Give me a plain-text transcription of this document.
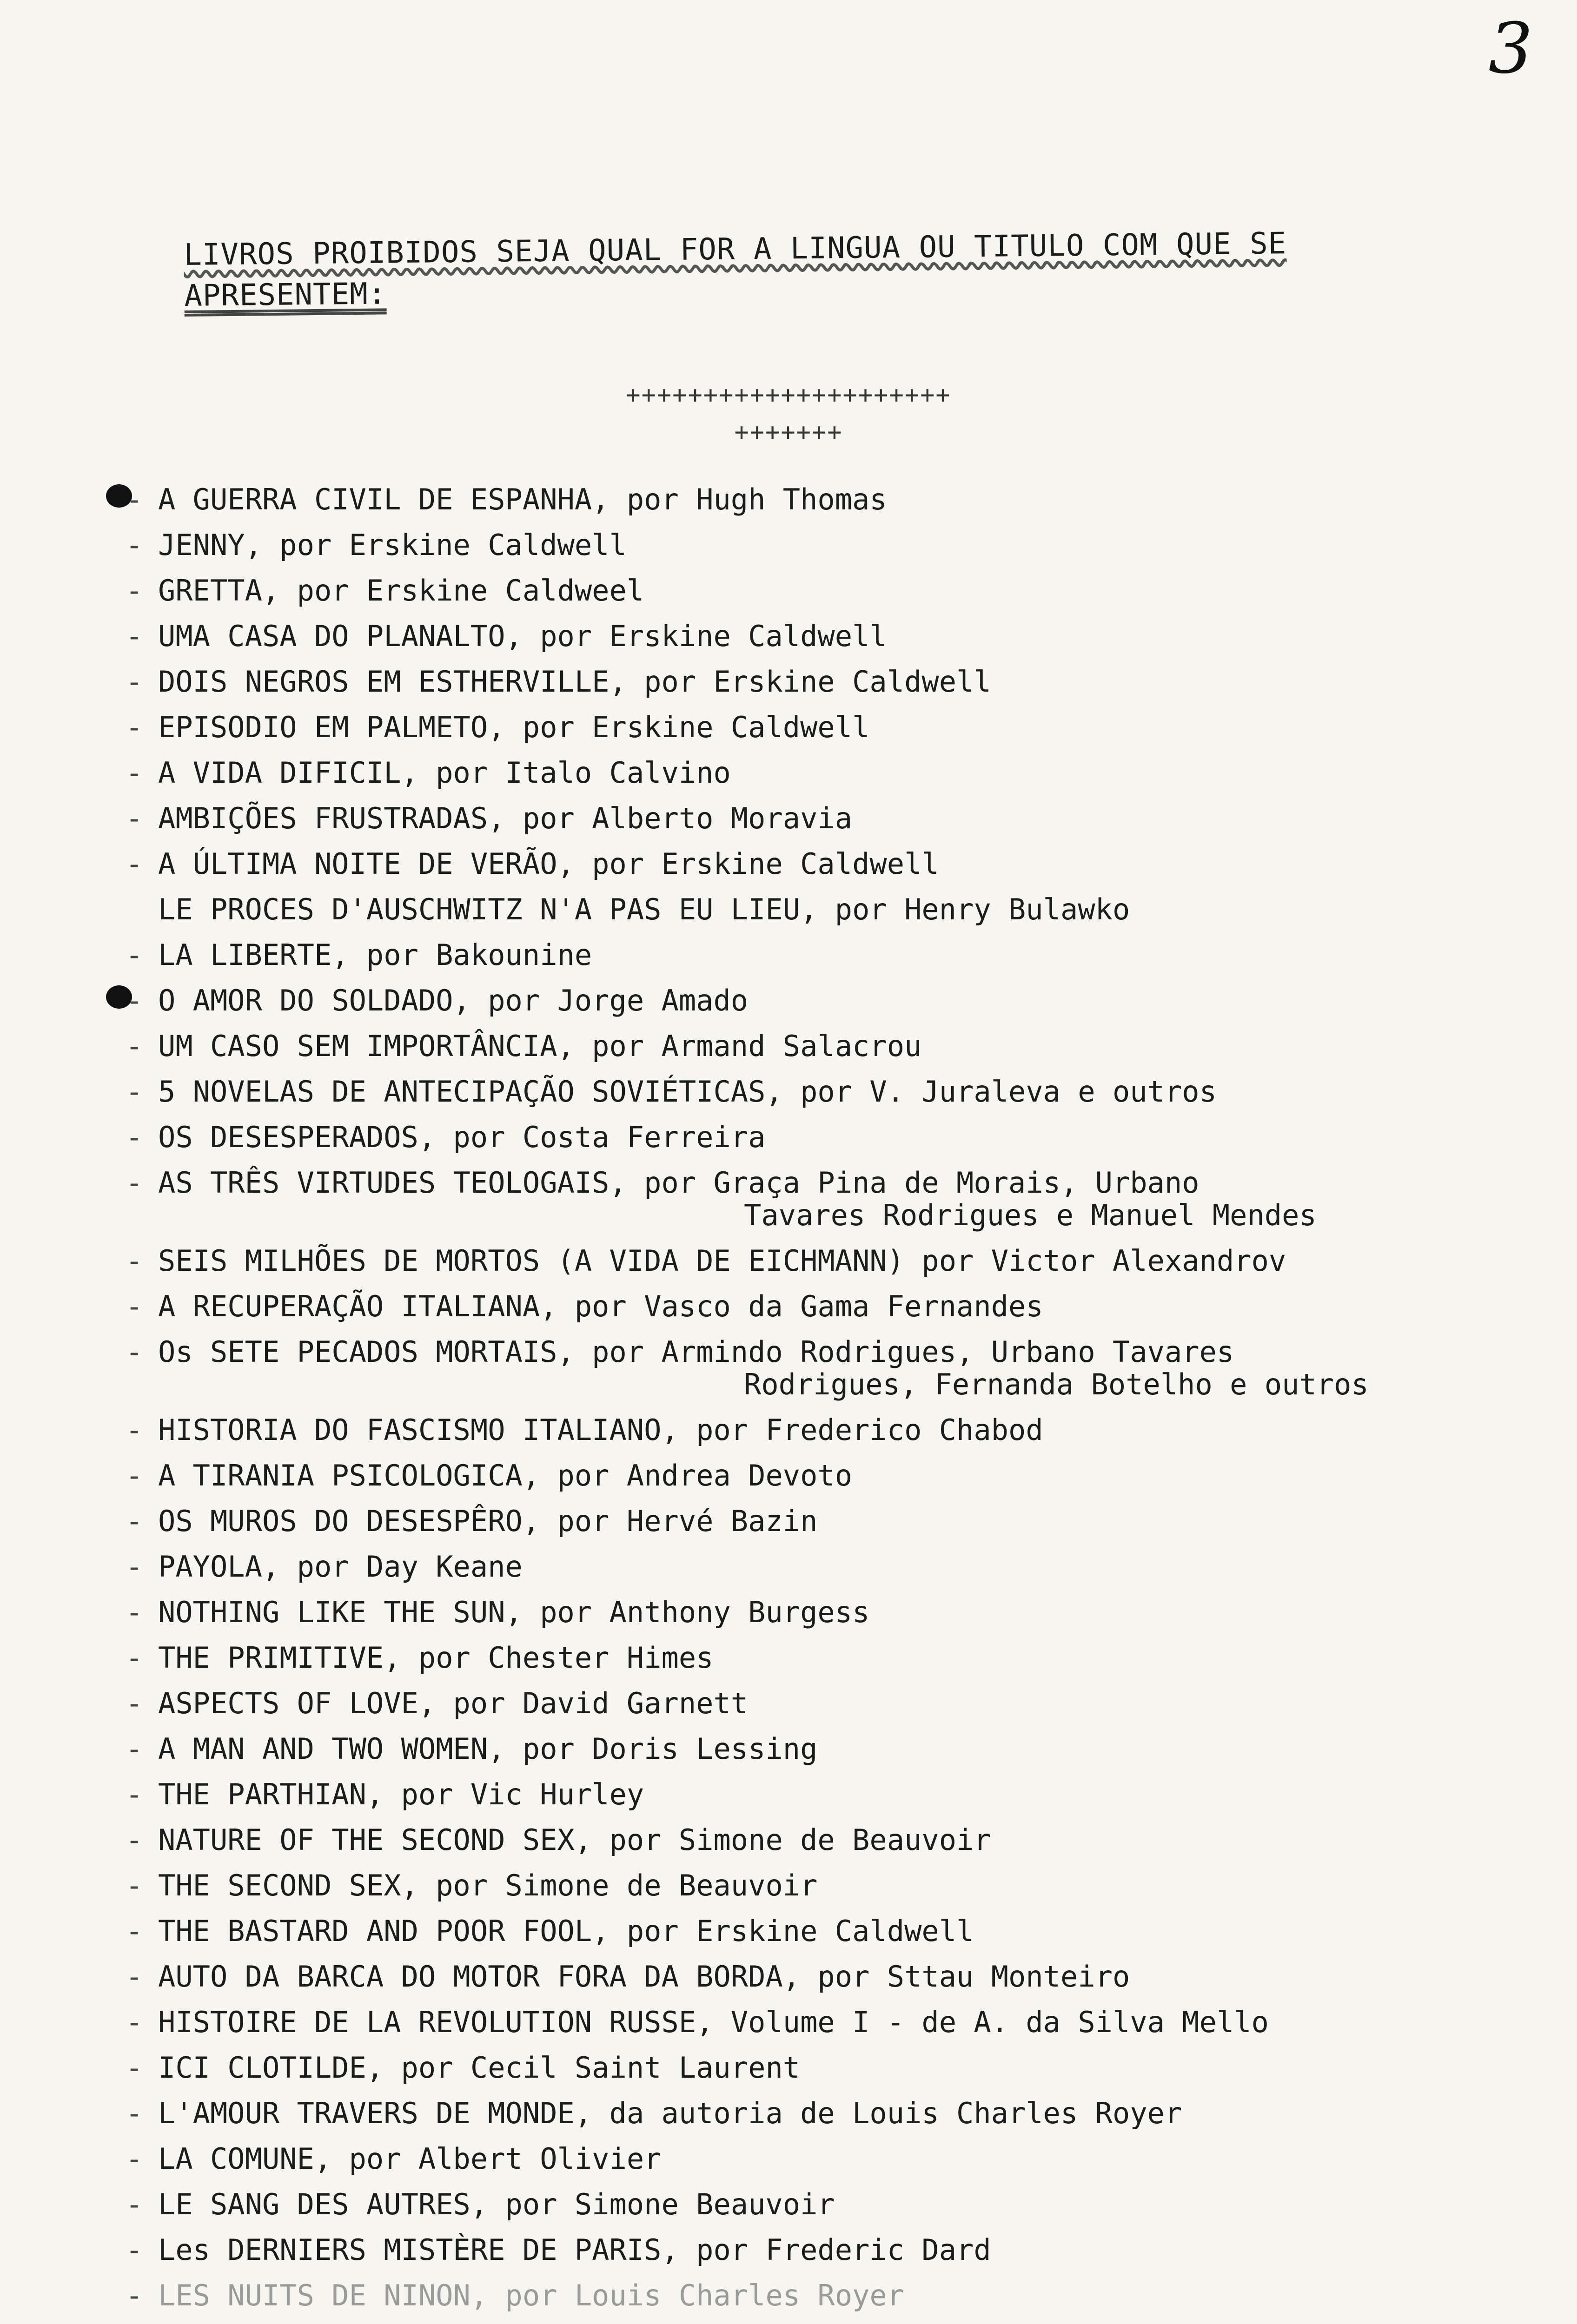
3
LIVROS PROIBIDOS SEJA QUAL FOR A LINGUA OU TITULO COM QUE SE
APRESENTEM:
+++++++++++++++++++++
+++++++
- A GUERRA CIVIL DE ESPANHA, por Hugh Thomas
- JENNY, por Erskine Caldwell
- GRETTA, por Erskine Caldweel
- UMA CASA DO PLANALTO, por Erskine Caldwell
- DOIS NEGROS EM ESTHERVILLE, por Erskine Caldwell
- EPISODIO EM PALMETO, por Erskine Caldwell
- A VIDA DIFICIL, por Italo Calvino
- AMBIÇÕES FRUSTRADAS, por Alberto Moravia
- A ÚLTIMA NOITE DE VERÃO, por Erskine Caldwell
LE PROCES D'AUSCHWITZ N'A PAS EU LIEU, por Henry Bulawko
- LA LIBERTE, por Bakounine
- O AMOR DO SOLDADO, por Jorge Amado
- UM CASO SEM IMPORTÂNCIA, por Armand Salacrou
- 5 NOVELAS DE ANTECIPAÇÃO SOVIÉTICAS, por V. Juraleva e outros
- OS DESESPERADOS, por Costa Ferreira
- AS TRÊS VIRTUDES TEOLOGAIS, por Graça Pina de Morais, Urbano
Tavares Rodrigues e Manuel Mendes
- SEIS MILHÕES DE MORTOS (A VIDA DE EICHMANN) por Victor Alexandrov
- A RECUPERAÇÃO ITALIANA, por Vasco da Gama Fernandes
- Os SETE PECADOS MORTAIS, por Armindo Rodrigues, Urbano Tavares
Rodrigues, Fernanda Botelho e outros
- HISTORIA DO FASCISMO ITALIANO, por Frederico Chabod
- A TIRANIA PSICOLOGICA, por Andrea Devoto
- OS MUROS DO DESESPÊRO, por Hervé Bazin
- PAYOLA, por Day Keane
- NOTHING LIKE THE SUN, por Anthony Burgess
- THE PRIMITIVE, por Chester Himes
- ASPECTS OF LOVE, por David Garnett
- A MAN AND TWO WOMEN, por Doris Lessing
- THE PARTHIAN, por Vic Hurley
- NATURE OF THE SECOND SEX, por Simone de Beauvoir
- THE SECOND SEX, por Simone de Beauvoir
- THE BASTARD AND POOR FOOL, por Erskine Caldwell
- AUTO DA BARCA DO MOTOR FORA DA BORDA, por Sttau Monteiro
- HISTOIRE DE LA REVOLUTION RUSSE, Volume I - de A. da Silva Mello
- ICI CLOTILDE, por Cecil Saint Laurent
- L'AMOUR TRAVERS DE MONDE, da autoria de Louis Charles Royer
- LA COMUNE, por Albert Olivier
- LE SANG DES AUTRES, por Simone Beauvoir
- Les DERNIERS MISTÈRE DE PARIS, por Frederic Dard
- LES NUITS DE NINON, por Louis Charles Royer
